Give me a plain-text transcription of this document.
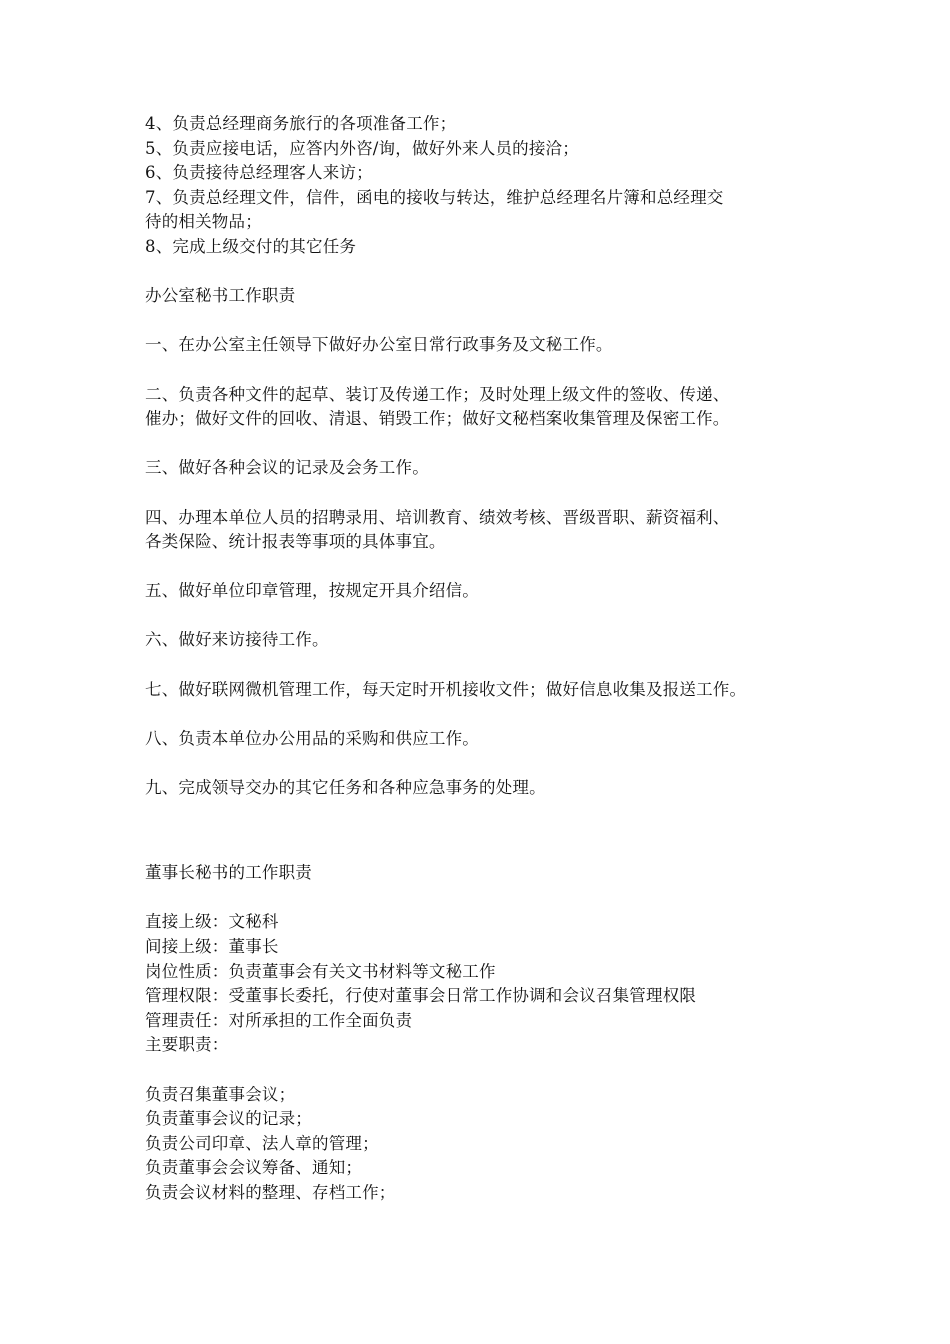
4、负责总经理商务旅行的各项准备工作；
5、负责应接电话，应答内外咨/询，做好外来人员的接洽；
6、负责接待总经理客人来访；
7、负责总经理文件，信件，函电的接收与转达，维护总经理名片簿和总经理交
待的相关物品；
8、完成上级交付的其它任务
办公室秘书工作职责
一、在办公室主任领导下做好办公室日常行政事务及文秘工作。
二、负责各种文件的起草、装订及传递工作；及时处理上级文件的签收、传递、
催办；做好文件的回收、清退、销毁工作；做好文秘档案收集管理及保密工作。
三、做好各种会议的记录及会务工作。
四、办理本单位人员的招聘录用、培训教育、绩效考核、晋级晋职、薪资福利、
各类保险、统计报表等事项的具体事宜。
五、做好单位印章管理，按规定开具介绍信。
六、做好来访接待工作。
七、做好联网微机管理工作，每天定时开机接收文件；做好信息收集及报送工作。
八、负责本单位办公用品的采购和供应工作。
九、完成领导交办的其它任务和各种应急事务的处理。
董事长秘书的工作职责
直接上级：文秘科
间接上级：董事长
岗位性质：负责董事会有关文书材料等文秘工作
管理权限：受董事长委托，行使对董事会日常工作协调和会议召集管理权限
管理责任：对所承担的工作全面负责
主要职责：
负责召集董事会议；
负责董事会议的记录；
负责公司印章、法人章的管理；
负责董事会会议筹备、通知；
负责会议材料的整理、存档工作；
